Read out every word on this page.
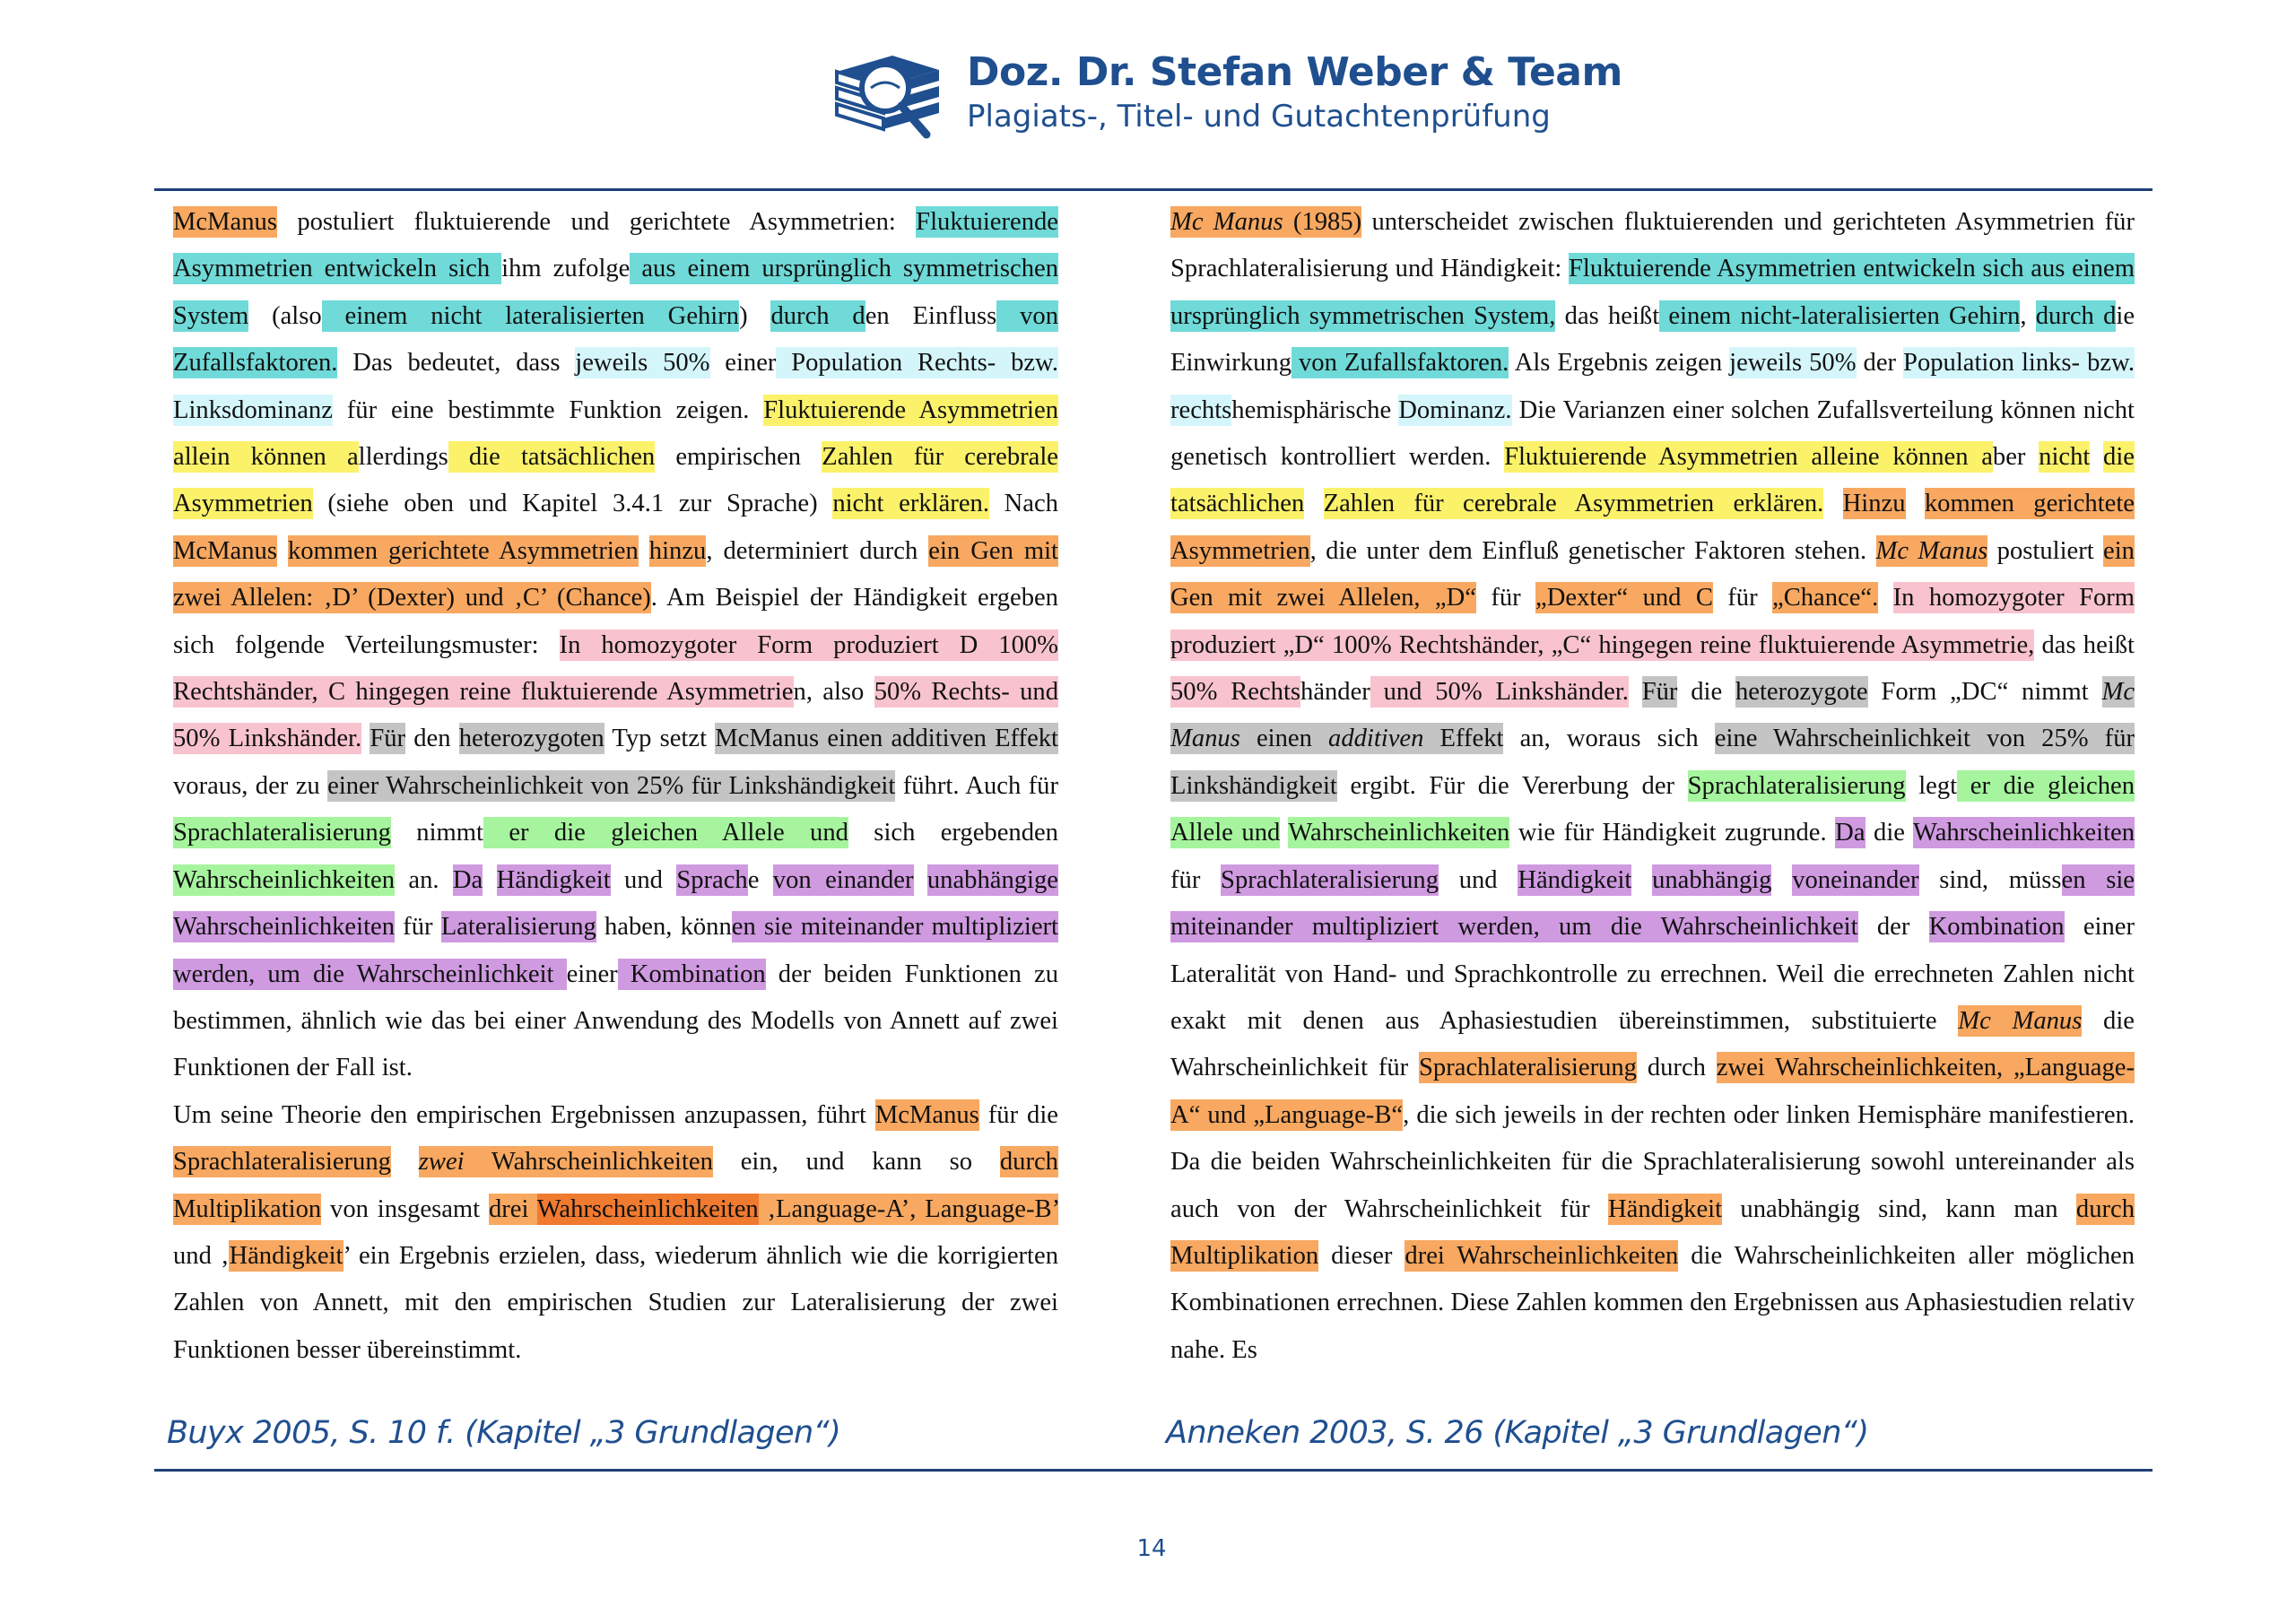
Doz. Dr. Stefan Weber & Team
Plagiats-, Titel- und Gutachtenprüfung

McManus postuliert fluktuierende und gerichtete Asymmetrien: Fluktuierende Asymmetrien entwickeln sich ihm zufolge aus einem ursprünglich symmetrischen System (also einem nicht lateralisierten Gehirn) durch den Einfluss von Zufallsfaktoren. Das bedeutet, dass jeweils 50% einer Population Rechts- bzw. Linksdominanz für eine bestimmte Funktion zeigen. Fluktuierende Asymmetrien allein können allerdings die tatsächlichen empirischen Zahlen für cerebrale Asymmetrien (siehe oben und Kapitel 3.4.1 zur Sprache) nicht erklären. Nach McManus kommen gerichtete Asymmetrien hinzu, determiniert durch ein Gen mit zwei Allelen: ‚D’ (Dexter) und ‚C’ (Chance). Am Beispiel der Händigkeit ergeben sich folgende Verteilungsmuster: In homozygoter Form produziert D 100% Rechtshänder, C hingegen reine fluktuierende Asymmetrien, also 50% Rechts- und 50% Linkshänder. Für den heterozygoten Typ setzt McManus einen additiven Effekt voraus, der zu einer Wahrscheinlichkeit von 25% für Linkshändigkeit führt. Auch für Sprachlateralisierung nimmt er die gleichen Allele und sich ergebenden Wahrscheinlichkeiten an. Da Händigkeit und Sprache von einander unabhängige Wahrscheinlichkeiten für Lateralisierung haben, können sie miteinander multipliziert werden, um die Wahrscheinlichkeit einer Kombination der beiden Funktionen zu bestimmen, ähnlich wie das bei einer Anwendung des Modells von Annett auf zwei Funktionen der Fall ist.

Um seine Theorie den empirischen Ergebnissen anzupassen, führt McManus für die Sprachlateralisierung zwei Wahrscheinlichkeiten ein, und kann so durch Multiplikation von insgesamt drei Wahrscheinlichkeiten ‚Language-A’, Language-B’ und ‚Händigkeit’ ein Ergebnis erzielen, dass, wiederum ähnlich wie die korrigierten Zahlen von Annett, mit den empirischen Studien zur Lateralisierung der zwei Funktionen besser übereinstimmt.

Mc Manus (1985) unterscheidet zwischen fluktuierenden und gerichteten Asymmetrien für Sprachlateralisierung und Händigkeit: Fluktuierende Asymmetrien entwickeln sich aus einem ursprünglich symmetrischen System, das heißt einem nicht-lateralisierten Gehirn, durch die Einwirkung von Zufallsfaktoren. Als Ergebnis zeigen jeweils 50% der Population links- bzw. rechtshemisphärische Dominanz. Die Varianzen einer solchen Zufallsverteilung können nicht genetisch kontrolliert werden. Fluktuierende Asymmetrien alleine können aber nicht die tatsächlichen Zahlen für cerebrale Asymmetrien erklären. Hinzu kommen gerichtete Asymmetrien, die unter dem Einfluß genetischer Faktoren stehen. Mc Manus postuliert ein Gen mit zwei Allelen, „D“ für „Dexter“ und C für „Chance“. In homozygoter Form produziert „D“ 100% Rechtshänder, „C“ hingegen reine fluktuierende Asymmetrie, das heißt 50% Rechtshänder und 50% Linkshänder. Für die heterozygote Form „DC“ nimmt Mc Manus einen additiven Effekt an, woraus sich eine Wahrscheinlichkeit von 25% für Linkshändigkeit ergibt. Für die Vererbung der Sprachlateralisierung legt er die gleichen Allele und Wahrscheinlichkeiten wie für Händigkeit zugrunde. Da die Wahrscheinlichkeiten für Sprachlateralisierung und Händigkeit unabhängig voneinander sind, müssen sie miteinander multipliziert werden, um die Wahrscheinlichkeit der Kombination einer Lateralität von Hand- und Sprachkontrolle zu errechnen. Weil die errechneten Zahlen nicht exakt mit denen aus Aphasiestudien übereinstimmen, substituierte Mc Manus die Wahrscheinlichkeit für Sprachlateralisierung durch zwei Wahrscheinlichkeiten, „Language-A“ und „Language-B“, die sich jeweils in der rechten oder linken Hemisphäre manifestieren. Da die beiden Wahrscheinlichkeiten für die Sprachlateralisierung sowohl untereinander als auch von der Wahrscheinlichkeit für Händigkeit unabhängig sind, kann man durch Multiplikation dieser drei Wahrscheinlichkeiten die Wahrscheinlichkeiten aller möglichen Kombinationen errechnen. Diese Zahlen kommen den Ergebnissen aus Aphasiestudien relativ nahe. Es

Buyx 2005, S. 10 f. (Kapitel „3 Grundlagen“)	Anneken 2003, S. 26 (Kapitel „3 Grundlagen“)
14
